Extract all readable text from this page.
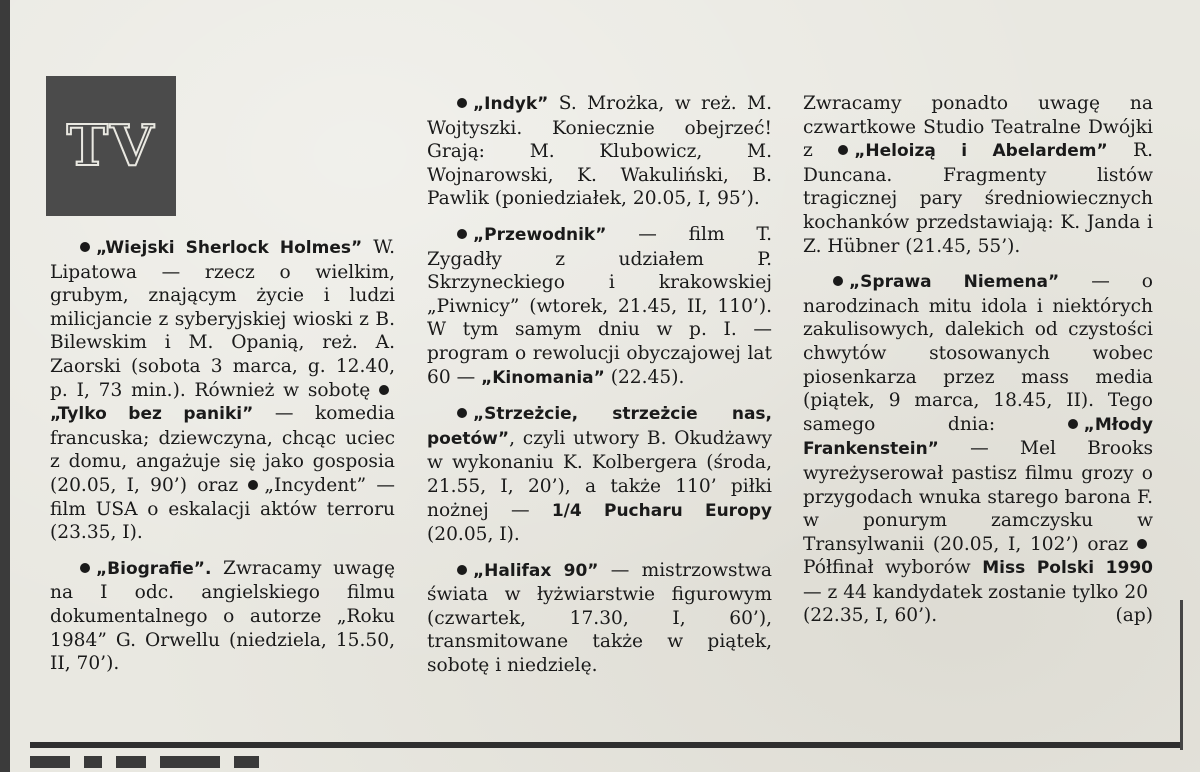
TV

„Wiejski Sherlock Holmes” W. Lipatowa — rzecz o wielkim, grubym, znającym życie i ludzi milicjancie z syberyjskiej wioski z B. Bilewskim i M. Opanią, reż. A. Zaorski (sobota 3 marca, g. 12.40, p. I, 73 min.). Również w sobotę „Tylko bez paniki” — komedia francuska; dziewczyna, chcąc uciec z domu, angażuje się jako gosposia (20.05, I, 90’) oraz „Incydent” — film USA o eskalacji aktów terroru (23.35, I).

„Biografie”. Zwracamy uwagę na I odc. angielskiego filmu dokumentalnego o autorze „Roku 1984” G. Orwellu (niedziela, 15.50, II, 70’).

„Indyk” S. Mrożka, w reż. M. Wojtyszki. Koniecznie obejrzeć! Grają: M. Klubowicz, M. Wojnarowski, K. Wakuliński, B. Pawlik (poniedziałek, 20.05, I, 95’).

„Przewodnik” — film T. Zygadły z udziałem P. Skrzyneckiego i krakowskiej „Piwnicy” (wtorek, 21.45, II, 110’). W tym samym dniu w p. I. — program o rewolucji obyczajowej lat 60 — „Kinomania” (22.45).

„Strzeżcie, strzeżcie nas, poetów”, czyli utwory B. Okudżawy w wykonaniu K. Kolbergera (środa, 21.55, I, 20’), a także 110’ piłki nożnej — 1/4 Pucharu Europy (20.05, I).

„Halifax 90” — mistrzowstwa świata w łyżwiarstwie figurowym (czwartek, 17.30, I, 60’), transmitowane także w piątek, sobotę i niedzielę.

Zwracamy ponadto uwagę na czwartkowe Studio Teatralne Dwójki z „Heloizą i Abelardem” R. Duncana. Fragmenty listów tragicznej pary średniowiecznych kochanków przedstawiają: K. Janda i Z. Hübner (21.45, 55’).

„Sprawa Niemena” — o narodzinach mitu idola i niektórych zakulisowych, dalekich od czystości chwytów stosowanych wobec piosenkarza przez mass media (piątek, 9 marca, 18.45, II). Tego samego dnia: „Młody Frankenstein” — Mel Brooks wyreżyserował pastisz filmu grozy o przygodach wnuka starego barona F. w ponurym zamczysku w Transylwanii (20.05, I, 102’) oraz Półfinał wyborów Miss Polski 1990 — z 44 kandydatek zostanie tylko 20

(22.35, I, 60’).	(ap)
